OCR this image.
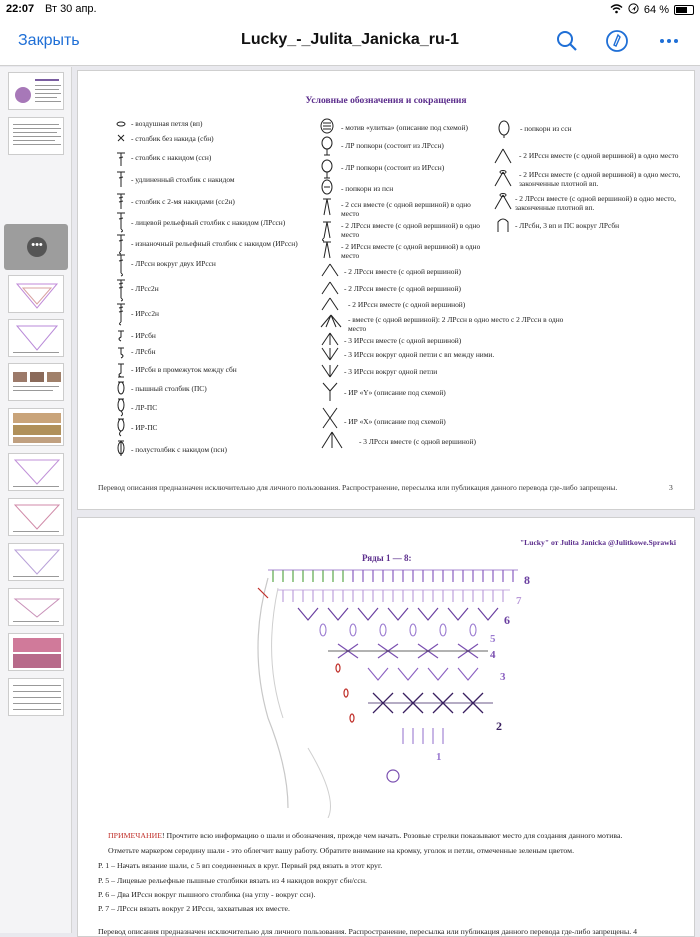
22:07 Вт 30 апр.	64 %
Закрыть	Lucky_-_Julita_Janicka_ru-1
•••
Условные обозначения и сокращения
- воздушная петля (вп)
- столбик без накида (сбн)
- столбик с накидом (ссн)
- удлиненный столбик с накидом
- столбик с 2-мя накидами (сс2н)
- лицевой рельефный столбик с накидом (ЛРссн)
- изнаночный рельефный столбик с накидом (ИРссн)
- ЛРссн вокруг двух ИРссн
- ЛРсс2н
- ИРсс2н
- ИРсбн
- ЛРсбн
- ИРсбн в промежуток между сбн
- пышный столбик (ПС)
- ЛР-ПС
- ИР-ПС
- полустолбик с накидом (псн)
- мотив «улитка» (описание под схемой)
- ЛР попкорн (состоит из ЛРссн)
- ЛР попкорн (состоит из ИРссн)
- попкорн из псн
- 2 ссн вместе (с одной вершиной) в одно место
- 2 ЛРссн вместе (с одной вершиной) в одно место
- 2 ИРссн вместе (с одной вершиной) в одно место
- 2 ЛРссн вместе (с одной вершиной)
- 2 ЛРссн вместе (с одной вершиной)
- 2 ИРссн вместе (с одной вершиной)
- вместе (с одной вершиной): 2 ЛРссн в одно место с 2 ЛРссн в одно место
- 3 ИРссн вместе (с одной вершиной)
- 3 ИРссн вокруг одной петли с вп между ними.
- 3 ИРссн вокруг одной петли
- ИР «Y» (описание под схемой)
- ИР «X» (описание под схемой)
- 3 ЛРссн вместе (с одной вершиной)
- попкорн из ссн
- 2 ИРссн вместе (с одной вершиной) в одно место
- 2 ИРссн вместе (с одной вершиной) в одно место, законченные плотной вп.
- 2 ЛРссн вместе (с одной вершиной) в одно место, законченные плотной вп.
- ЛРсбн, 3 вп и ПС вокруг ЛРсбн
Перевод описания предназначен исключительно для личного пользования. Распространение, пересылка или публикация данного перевода где-либо запрещены.	3
"Lucky" от Julita Janicka @Julitkowe.Sprawki
Ряды 1 — 8:
1
2
3
4
5
6
7
8
ПРИМЕЧАНИЕ! Прочтите всю информацию о шали и обозначения, прежде чем начать. Розовые стрелки показывают место для создания данного мотива.
Отметьте маркером середину шали - это облегчит вашу работу. Обратите внимание на кромку, уголок и петли, отмеченные зеленым цветом.
Р. 1 – Начать вязание шали, с 5 вп соединенных в круг. Первый ряд вязать в этот круг.
Р. 5 – Лицевые рельефные пышные столбики вязать из 4 накидов вокруг сбн/ссн.
Р. 6 – Два ИРссн вокруг пышного столбика (на углу - вокруг ссн).
Р. 7 – ЛРссн вязать вокруг 2 ИРссн, захватывая их вместе.
Перевод описания предназначен исключительно для личного пользования. Распространение, пересылка или публикация данного перевода где-либо запрещены. 4
